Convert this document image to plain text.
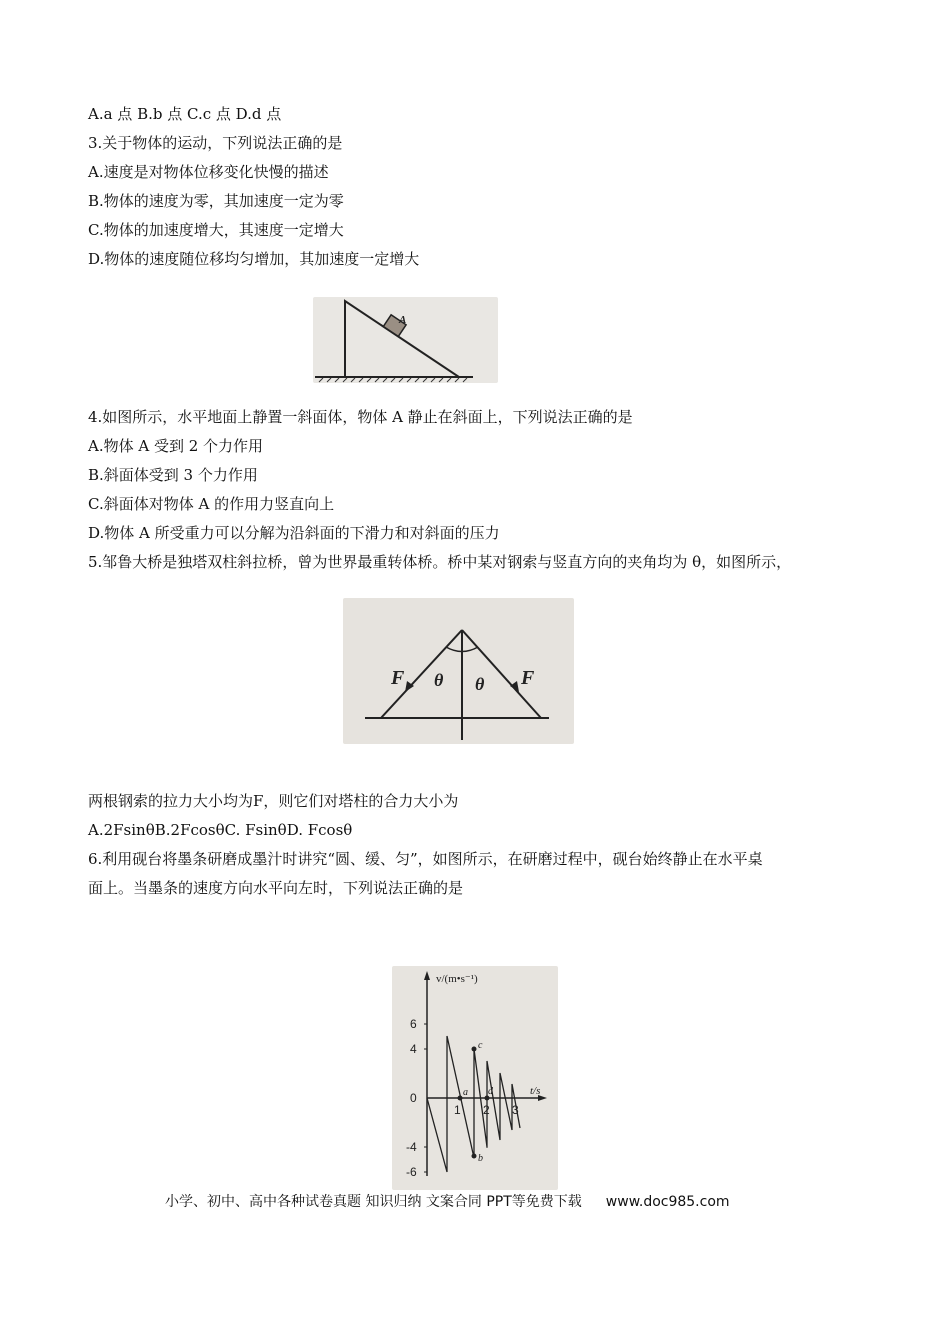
A.a 点 B.b 点 C.c 点 D.d 点
3.关于物体的运动，下列说法正确的是
A.速度是对物体位移变化快慢的描述
B.物体的速度为零，其加速度一定为零
C.物体的加速度增大，其速度一定增大
D.物体的速度随位移均匀增加，其加速度一定增大
A
4.如图所示，水平地面上静置一斜面体，物体 A 静止在斜面上，下列说法正确的是
A.物体 A 受到 2 个力作用
B.斜面体受到 3 个力作用
C.斜面体对物体 A 的作用力竖直向上
D.物体 A 所受重力可以分解为沿斜面的下滑力和对斜面的压力
5.邹鲁大桥是独塔双柱斜拉桥，曾为世界最重转体桥。桥中某对钢索与竖直方向的夹角均为 θ，如图所示，
F	F
θ θ
两根钢索的拉力大小均为F，则它们对塔柱的合力大小为
A.2FsinθB.2FcosθC. FsinθD. Fcosθ
6.利用砚台将墨条研磨成墨汁时讲究“圆、缓、匀”，如图所示，在研磨过程中，砚台始终静止在水平桌
面上。当墨条的速度方向水平向左时，下列说法正确的是
v/(m•s⁻¹)
t/s
6
4
0
-4
-6
1 2 3
a
b
c
d
小学、初中、高中各种试卷真题 知识归纳 文案合同 PPT等免费下载 www.doc985.com
